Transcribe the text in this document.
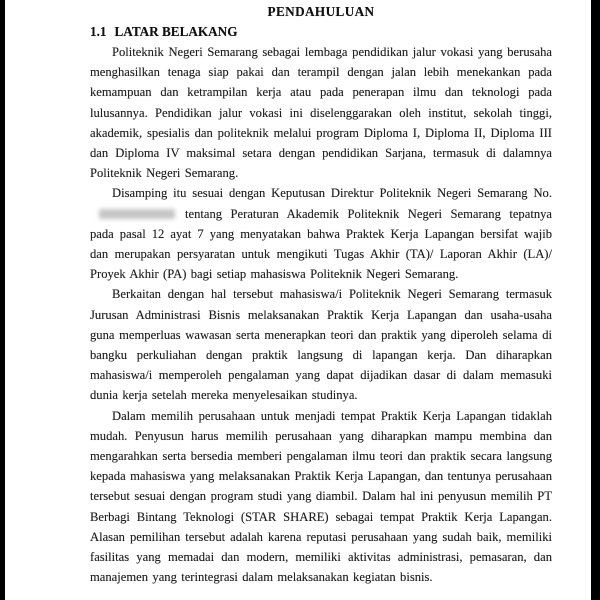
PENDAHULUAN
1.1 LATAR BELAKANG

Politeknik Negeri Semarang sebagai lembaga pendidikan jalur vokasi yang berusaha menghasilkan tenaga siap pakai dan terampil dengan jalan lebih menekankan pada kemampuan dan ketrampilan kerja atau pada penerapan ilmu dan teknologi pada lulusannya. Pendidikan jalur vokasi ini diselenggarakan oleh institut, sekolah tinggi, akademik, spesialis dan politeknik melalui program Diploma I, Diploma II, Diploma III dan Diploma IV maksimal setara dengan pendidikan Sarjana, termasuk di dalamnya Politeknik Negeri Semarang.

Disamping itu sesuai dengan Keputusan Direktur Politeknik Negeri Semarang No.tentang Peraturan Akademik Politeknik Negeri Semarang tepatnya pada pasal 12 ayat 7 yang menyatakan bahwa Praktek Kerja Lapangan bersifat wajib dan merupakan persyaratan untuk mengikuti Tugas Akhir (TA)/ Laporan Akhir (LA)/ Proyek Akhir (PA) bagi setiap mahasiswa Politeknik Negeri Semarang.

Berkaitan dengan hal tersebut mahasiswa/i Politeknik Negeri Semarang termasuk Jurusan Administrasi Bisnis melaksanakan Praktik Kerja Lapangan dan usaha-usaha guna memperluas wawasan serta menerapkan teori dan praktik yang diperoleh selama di bangku perkuliahan dengan praktik langsung di lapangan kerja. Dan diharapkan mahasiswa/i memperoleh pengalaman yang dapat dijadikan dasar di dalam memasuki dunia kerja setelah mereka menyelesaikan studinya.

Dalam memilih perusahaan untuk menjadi tempat Praktik Kerja Lapangan tidaklah mudah. Penyusun harus memilih perusahaan yang diharapkan mampu membina dan mengarahkan serta bersedia memberi pengalaman ilmu teori dan praktik secara langsung kepada mahasiswa yang melaksanakan Praktik Kerja Lapangan, dan tentunya perusahaan tersebut sesuai dengan program studi yang diambil. Dalam hal ini penyusun memilih PT Berbagi Bintang Teknologi (STAR SHARE) sebagai tempat Praktik Kerja Lapangan. Alasan pemilihan tersebut adalah karena reputasi perusahaan yang sudah baik, memiliki fasilitas yang memadai dan modern, memiliki aktivitas administrasi, pemasaran, dan manajemen yang terintegrasi dalam melaksanakan kegiatan bisnis.
